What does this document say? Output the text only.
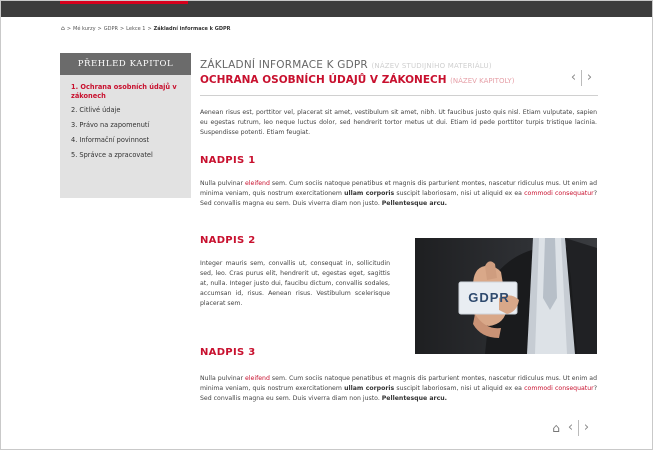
⌂ > Mé kurzy > GDPR > Lekce 1 > Základní informace k GDPR
PŘEHLED KAPITOL
1. Ochrana osobních údajů v zákonech
2. Citlivé údaje
3. Právo na zapomenutí
4. Informační povinnost
5. Správce a zpracovatel
ZÁKLADNÍ INFORMACE K GDPR (NÁZEV STUDIJNÍHO MATERIÁLU)
OCHRANA OSOBNÍCH ÚDAJŮ V ZÁKONECH (NÁZEV KAPITOLY)	‹ ›

Aenean risus est, porttitor vel, placerat sit amet, vestibulum sit amet, nibh. Ut faucibus justo quis nisl. Etiam vulputate, sapien eu egestas rutrum, leo neque luctus dolor, sed hendrerit tortor metus ut dui. Etiam id pede porttitor turpis tristique lacinia. Suspendisse potenti. Etiam feugiat.

NADPIS 1

Nulla pulvinar eleifend sem. Cum sociis natoque penatibus et magnis dis parturient montes, nascetur ridiculus mus. Ut enim ad minima veniam, quis nostrum exercitationem ullam corporis suscipit laboriosam, nisi ut aliquid ex ea commodi consequatur? Sed convallis magna eu sem. Duis viverra diam non justo. Pellentesque arcu.

NADPIS 2

Integer mauris sem, convallis ut, consequat in, sollicitudin sed, leo. Cras purus elit, hendrerit ut, egestas eget, sagittis at, nulla. Integer justo dui, faucibu dictum, convallis sodales, accumsan id, risus. Aenean risus. Vestibulum scelerisque placerat sem.	GDPR
NADPIS 3

Nulla pulvinar eleifend sem. Cum sociis natoque penatibus et magnis dis parturient montes, nascetur ridiculus mus. Ut enim ad minima veniam, quis nostrum exercitationem ullam corporis suscipit laboriosam, nisi ut aliquid ex ea commodi consequatur? Sed convallis magna eu sem. Duis viverra diam non justo. Pellentesque arcu.

⌂ ‹ ›
